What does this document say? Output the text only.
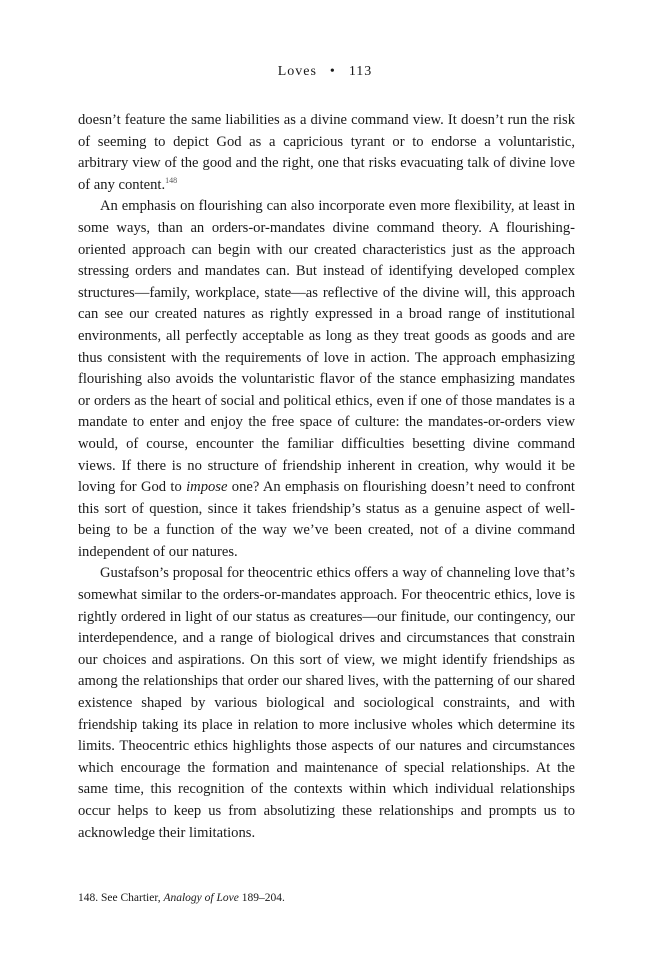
Loves • 113

doesn’t feature the same liabilities as a divine command view. It doesn’t run the risk of seeming to depict God as a capricious tyrant or to endorse a voluntaristic, arbitrary view of the good and the right, one that risks evacuating talk of divine love of any content.$^{148}$

An emphasis on flourishing can also incorporate even more flexibility, at least in some ways, than an orders-or-mandates divine command theory. A flourishing-oriented approach can begin with our created characteristics just as the approach stressing orders and mandates can. But instead of identifying developed complex structures—family, workplace, state—as reflective of the divine will, this approach can see our created natures as rightly expressed in a broad range of institutional environments, all perfectly acceptable as long as they treat goods as goods and are thus consistent with the requirements of love in action. The approach emphasizing flourishing also avoids the voluntaristic flavor of the stance emphasizing mandates or orders as the heart of social and political ethics, even if one of those mandates is a mandate to enter and enjoy the free space of culture: the mandates-or-orders view would, of course, encounter the familiar difficulties besetting divine command views. If there is no structure of friendship inherent in creation, why would it be loving for God to impose one? An emphasis on flourishing doesn’t need to confront this sort of question, since it takes friendship’s status as a genuine aspect of well-being to be a function of the way we’ve been created, not of a divine command independent of our natures.

Gustafson’s proposal for theocentric ethics offers a way of channeling love that’s somewhat similar to the orders-or-mandates approach. For theocentric ethics, love is rightly ordered in light of our status as creatures—our finitude, our contingency, our interdependence, and a range of biological drives and circumstances that constrain our choices and aspirations. On this sort of view, we might identify friendships as among the relationships that order our shared lives, with the patterning of our shared existence shaped by various biological and sociological constraints, and with friendship taking its place in relation to more inclusive wholes which determine its limits. Theocentric ethics highlights those aspects of our natures and circumstances which encourage the formation and maintenance of special relationships. At the same time, this recognition of the contexts within which individual relationships occur helps to keep us from absolutizing these relationships and prompts us to acknowledge their limitations.

148. See Chartier, Analogy of Love 189–204.
